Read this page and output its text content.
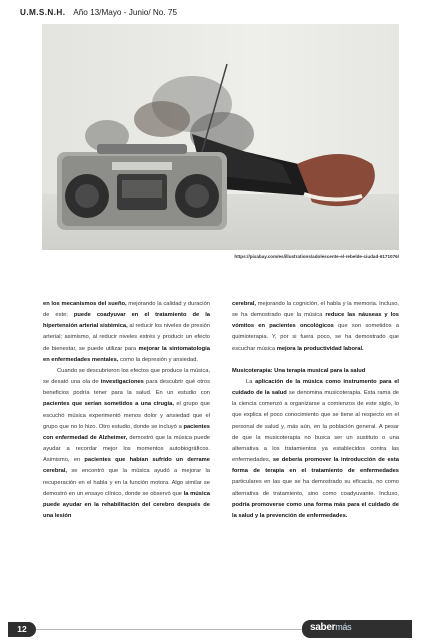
U.M.S.N.H. Año 13/Mayo - Junio/ No. 75
https://pixabay.com/es/illustrations/adolescente-el-rebelde-ciudad-6171076/

en los mecanismos del sueño, mejorando la calidad y duración de este; puede coadyuvar en el tratamiento de la hipertensión arterial sistémica, al reducir los niveles de presión arterial; asimismo, al reducir niveles estrés y producir un efecto de bienestar, se puede utilizar para mejorar la sintomatología en enfermedades mentales, como la depresión y ansiedad.

Cuando se descubrieron los efectos que produce la música, se desató una ola de investigaciones para descubrir qué otros beneficios podría tener para la salud. En un estudio con pacientes que serían sometidos a una cirugía, el grupo que escuchó música experimentó menos dolor y ansiedad que el grupo que no lo hizo. Otro estudio, donde se incluyó a pacientes con enfermedad de Alzheimer, demostró que la música puede ayudar a recordar mejor los momentos autobiográficos. Asimismo, en pacientes que habían sufrido un derrame cerebral, se encontró que la música ayudó a mejorar la recuperación en el habla y en la función motora. Algo similar se demostró en un ensayo clínico, donde se observó que la música puede ayudar en la rehabilitación del cerebro después de una lesión

cerebral, mejorando la cognición, el habla y la memoria. Incluso, se ha demostrado que la música reduce las náuseas y los vómitos en pacientes oncológicos que son sometidos a quimioterapia. Y, por si fuera poco, se ha demostrado que escuchar música mejora la productividad laboral.

Musicoterapia: Una terapia musical para la salud

La aplicación de la música como instrumento para el cuidado de la salud se denomina musicoterapia. Esta rama de la ciencia comenzó a organizarse a comienzos de este siglo, lo que explica el poco conocimiento que se tiene al respecto en el personal de salud y, más aún, en la población general. A pesar de que la musicoterapia no busca ser un sustituto o una alternativa a los tratamientos ya establecidos contra las enfermedades, se debería promover la introducción de esta forma de terapia en el tratamiento de enfermedades particulares en las que se ha demostrado su eficacia, no como alternativa de tratamiento, sino como coadyuvante. Incluso, podría promoverse como una forma más para el cuidado de la salud y la prevención de enfermedades.

12	sabermás
